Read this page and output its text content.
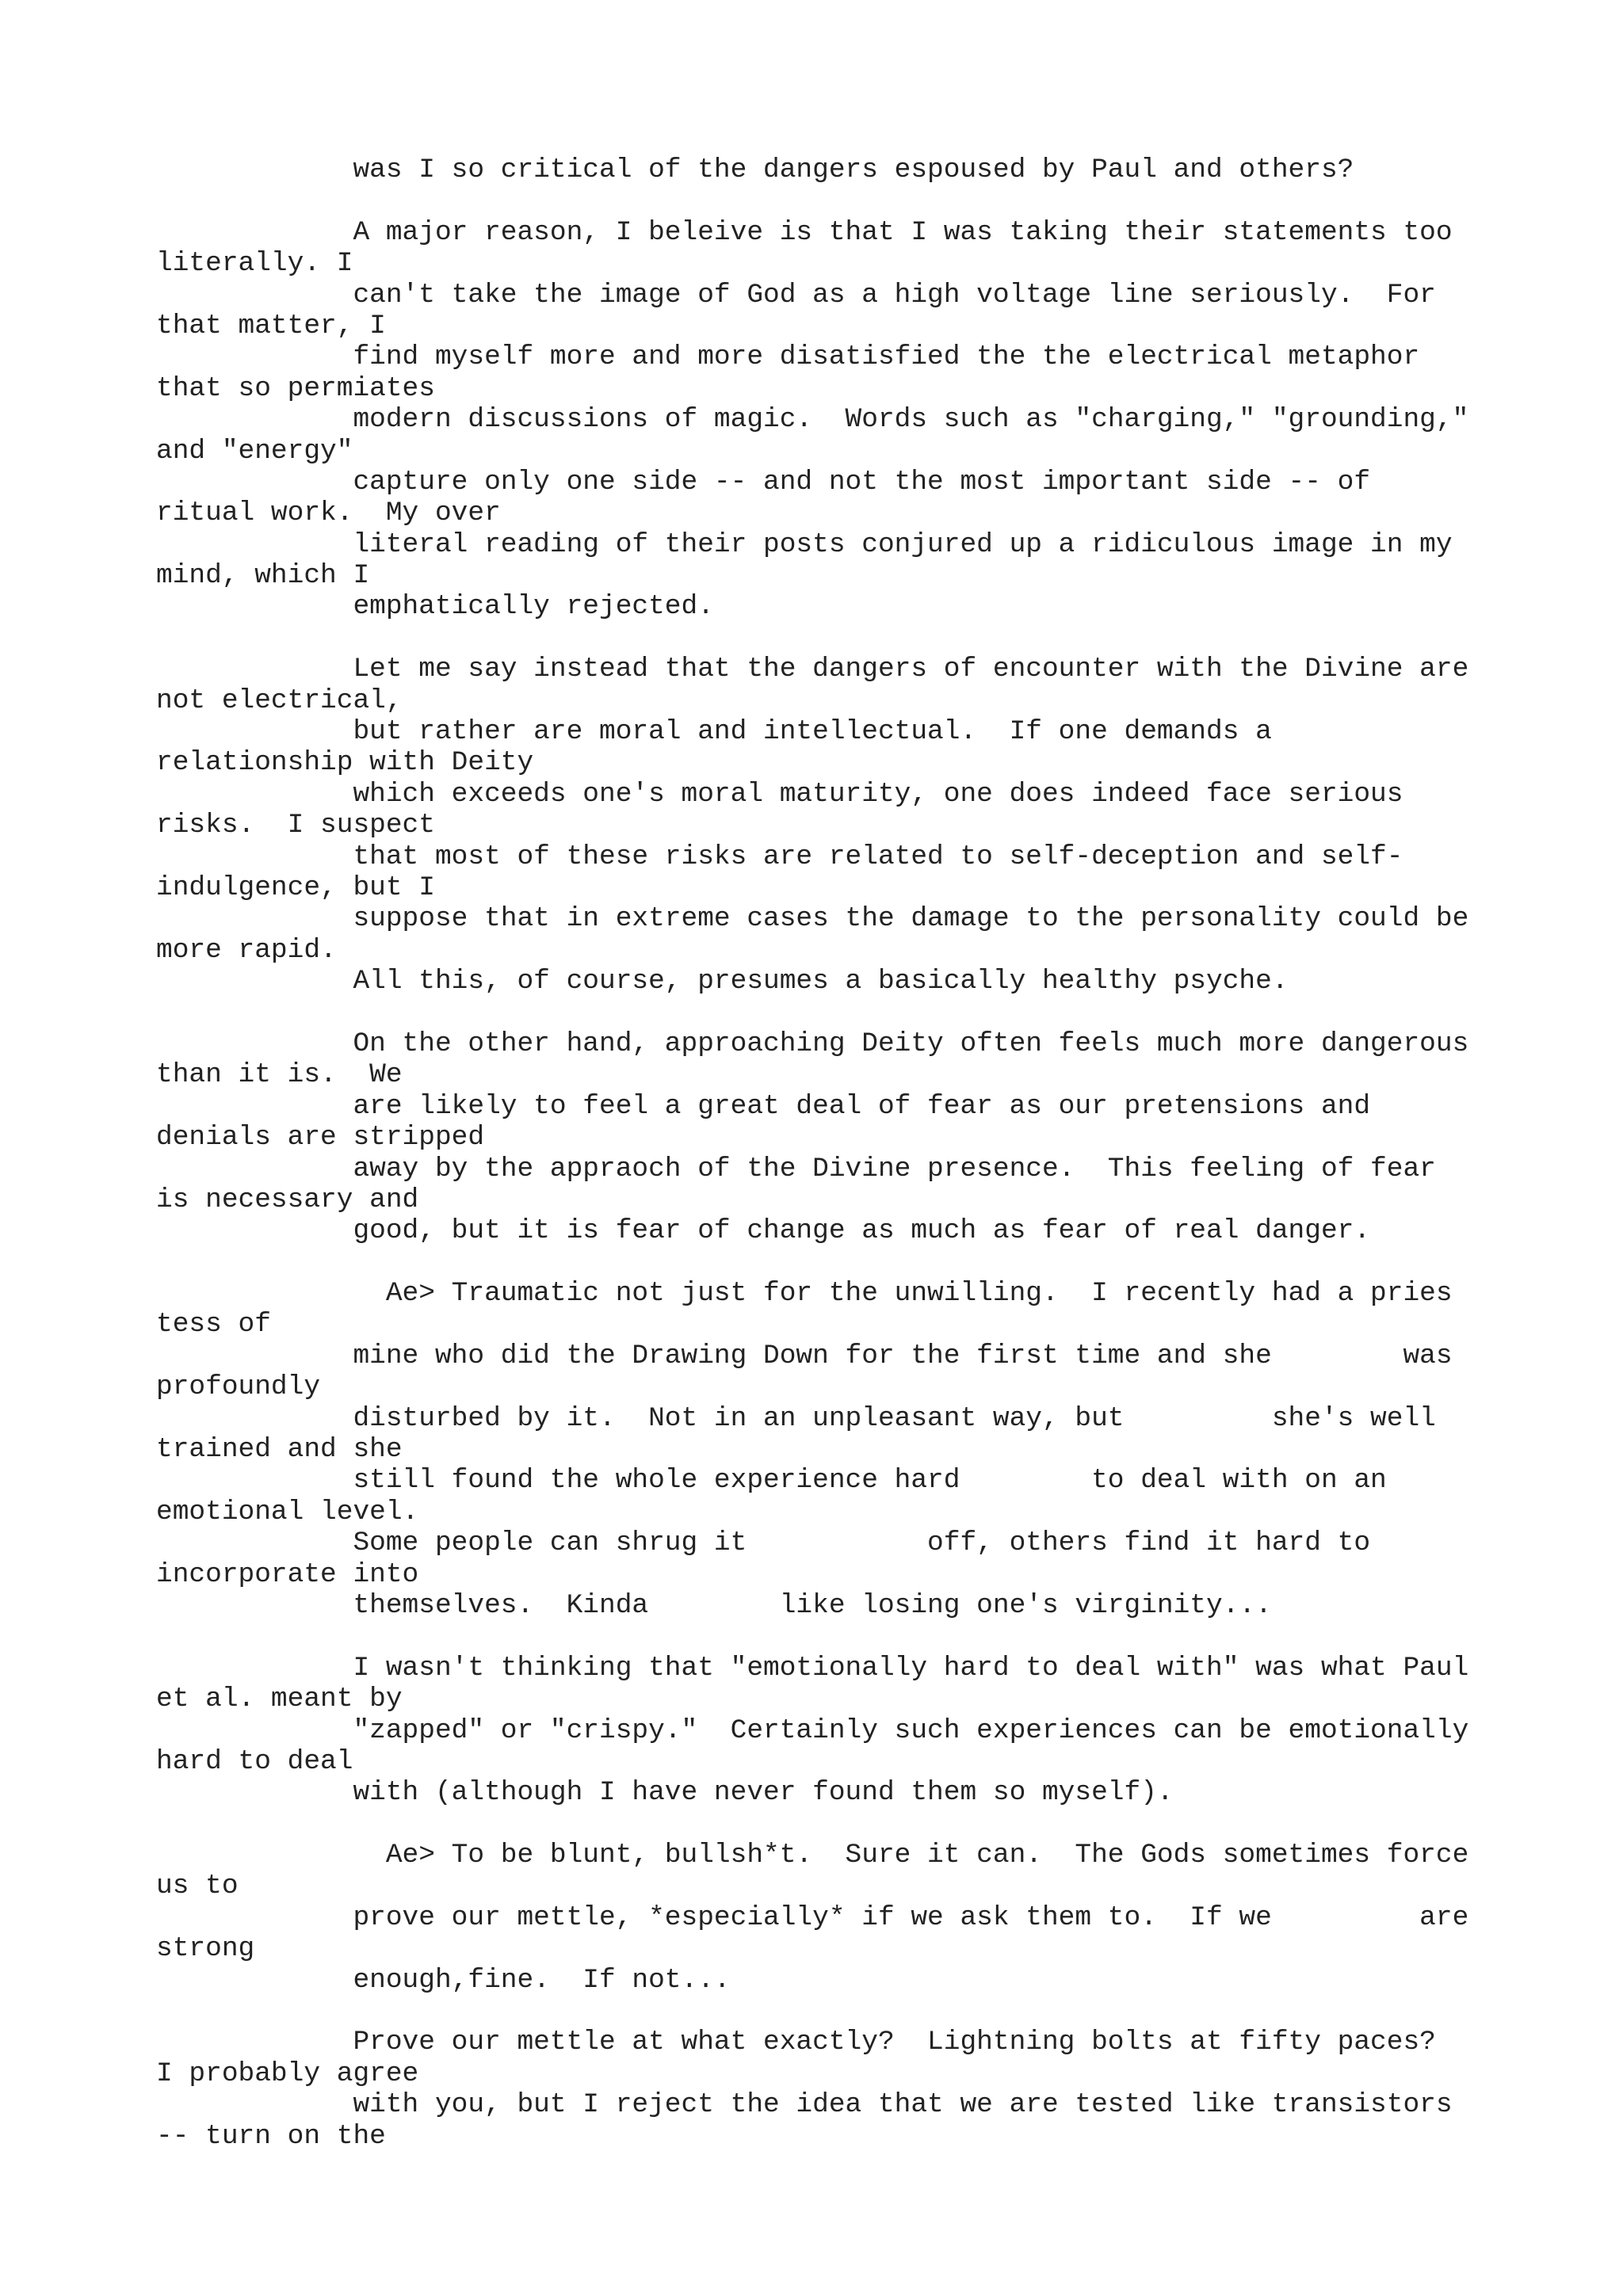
was I so critical of the dangers espoused by Paul and others?
A major reason, I beleive is that I was taking their statements too
literally. I
can't take the image of God as a high voltage line seriously.  For
that matter, I
find myself more and more disatisfied the the electrical metaphor
that so permiates
modern discussions of magic.  Words such as "charging," "grounding,"
and "energy"
capture only one side -- and not the most important side -- of
ritual work.  My over
literal reading of their posts conjured up a ridiculous image in my
mind, which I
emphatically rejected.
Let me say instead that the dangers of encounter with the Divine are
not electrical,
but rather are moral and intellectual.  If one demands a
relationship with Deity
which exceeds one's moral maturity, one does indeed face serious
risks.  I suspect
that most of these risks are related to self-deception and self-
indulgence, but I
suppose that in extreme cases the damage to the personality could be
more rapid.
All this, of course, presumes a basically healthy psyche.
On the other hand, approaching Deity often feels much more dangerous
than it is.  We
are likely to feel a great deal of fear as our pretensions and
denials are stripped
away by the appraoch of the Divine presence.  This feeling of fear
is necessary and
good, but it is fear of change as much as fear of real danger.
Ae> Traumatic not just for the unwilling.  I recently had a pries
tess of
mine who did the Drawing Down for the first time and she        was
profoundly
disturbed by it.  Not in an unpleasant way, but         she's well
trained and she
still found the whole experience hard        to deal with on an
emotional level.
Some people can shrug it           off, others find it hard to
incorporate into
themselves.  Kinda        like losing one's virginity...
I wasn't thinking that "emotionally hard to deal with" was what Paul
et al. meant by
"zapped" or "crispy."  Certainly such experiences can be emotionally
hard to deal
with (although I have never found them so myself).
Ae> To be blunt, bullsh*t.  Sure it can.  The Gods sometimes force
us to
prove our mettle, *especially* if we ask them to.  If we         are
strong
enough,fine.  If not...
Prove our mettle at what exactly?  Lightning bolts at fifty paces?
I probably agree
with you, but I reject the idea that we are tested like transistors
-- turn on the
